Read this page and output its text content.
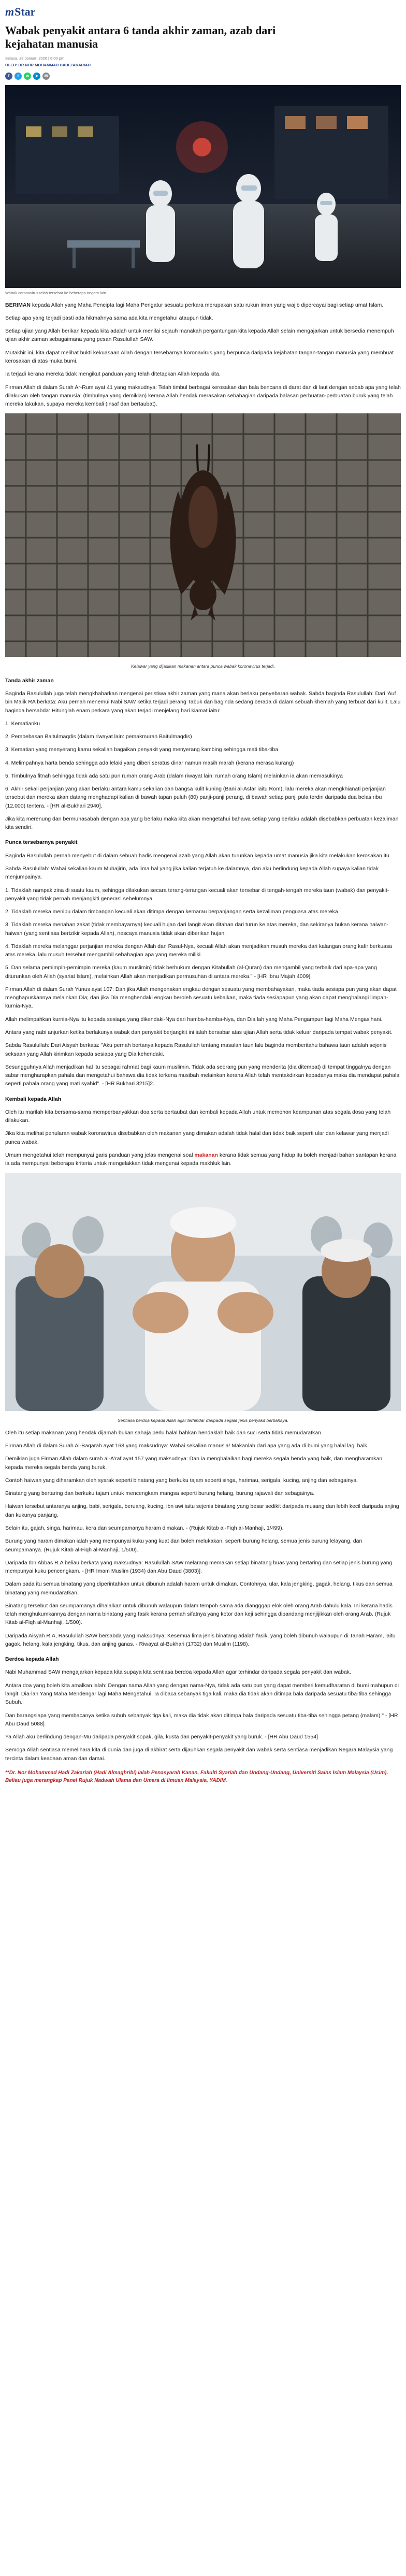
m Star
Wabak penyakit antara 6 tanda akhir zaman, azab dari kejahatan manusia
Selasa, 28 Januari 2020 | 6:00 pm
OLEH: DR NOR MOHAMMAD HADI ZAKARIAH
f	t	w	➤	✉
Wabak coronavirus telah tersebar ke beberapa negara lain.

BERIMAN kepada Allah yang Maha Pencipta lagi Maha Pengatur sesuatu perkara merupakan satu rukun iman yang wajib dipercayai bagi setiap umat Islam.

Setiap apa yang terjadi pasti ada hikmahnya sama ada kita mengetahui ataupun tidak.

Setiap ujian yang Allah berikan kepada kita adalah untuk menilai sejauh manakah pergantungan kita kepada Allah selain mengajarkan untuk bersedia menempuh ujian akhir zaman sebagaimana yang pesan Rasulullah SAW.

Mutakhir ini, kita dapat melihat bukti kekuasaan Allah dengan tersebarnya koronavirus yang berpunca daripada kejahatan tangan-tangan manusia yang membuat kerosakan di atas muka bumi.

Ia terjadi kerana mereka tidak mengikut panduan yang telah ditetapkan Allah kepada kita.

Firman Allah di dalam Surah Ar-Rum ayat 41 yang maksudnya: Telah timbul berbagai kerosakan dan bala bencana di darat dan di laut dengan sebab apa yang telah dilakukan oleh tangan manusia; (timbulnya yang demikian) kerana Allah hendak merasakan sebahagian daripada balasan perbuatan-perbuatan buruk yang telah mereka lakukan, supaya mereka kembali (insaf dan bertaubat).

Kelawar yang dijadikan makanan antara punca wabak koronavirus terjadi.
Tanda akhir zaman

Baginda Rasulullah juga telah mengkhabarkan mengenai peristiwa akhir zaman yang mana akan berlaku penyebaran wabak. Sabda baginda Rasulullah: Dari 'Auf bin Malik RA berkata: Aku pernah menemui Nabi SAW ketika terjadi perang Tabuk dan baginda sedang berada di dalam sebuah khemah yang terbuat dari kulit. Lalu baginda bersabda: Hitunglah enam perkara yang akan terjadi menjelang hari kiamat iaitu:

1. Kematianku

2. Pembebasan Baitulmaqdis (dalam riwayat lain: pemakmuran Baitulmaqdis)

3. Kematian yang menyerang kamu sekalian bagaikan penyakit yang menyerang kambing sehingga mati tiba-tiba

4. Melimpahnya harta benda sehingga ada lelaki yang diberi seratus dinar namun masih marah (kerana merasa kurang)

5. Timbulnya fitnah sehingga tidak ada satu pun rumah orang Arab (dalam riwayat lain: rumah orang Islam) melainkan ia akan memasukinya

6. Akhir sekali perjanjian yang akan berlaku antara kamu sekalian dan bangsa kulit kuning (Bani al-Asfar iaitu Rom), lalu mereka akan mengkhianati perjanjian tersebut dan mereka akan datang menghadapi kalian di bawah tapan puluh (80) panji-panji perang, di bawah setiap panji pula terdiri daripada dua belas ribu (12,000) tentera. - [HR al-Bukhari 2940].

Jika kita merenung dan bermuhasabah dengan apa yang berlaku maka kita akan mengetahui bahawa setiap yang berlaku adalah disebabkan perbuatan kezaliman kita sendiri.

Punca tersebarnya penyakit

Baginda Rasulullah pernah menyebut di dalam sebuah hadis mengenai azab yang Allah akan turunkan kepada umat manusia jika kita melakukan kerosakan itu.

Sabda Rasulullah: Wahai sekalian kaum Muhajirin, ada lima hal yang jika kalian terjatuh ke dalamnya, dan aku berlindung kepada Allah supaya kalian tidak menjumpainya.

1. Tidaklah nampak zina di suatu kaum, sehingga dilakukan secara terang-terangan kecuali akan tersebar di tengah-tengah mereka taun (wabak) dan penyakit-penyakit yang tidak pernah menjangkiti generasi sebelumnya.

2. Tidaklah mereka menipu dalam timbangan kecuali akan ditimpa dengan kemarau berpanjangan serta kezaliman penguasa atas mereka.

3. Tidaklah mereka menahan zakat (tidak membayarnya) kecuali hujan dari langit akan ditahan dari turun ke atas mereka, dan sekiranya bukan kerana haiwan-haiwan (yang sentiasa bertzikir kepada Allah), nescaya manusia tidak akan diberikan hujan.

4. Tidaklah mereka melanggar perjanjian mereka dengan Allah dan Rasul-Nya, kecuali Allah akan menjadikan musuh mereka dari kalangan orang kafir berkuasa atas mereka, lalu musuh tersebut mengambil sebahagian apa yang mereka miliki.

5. Dan selama pemimpin-pemimpin mereka (kaum muslimin) tidak berhukum dengan Kitabullah (al-Quran) dan mengambil yang terbaik dari apa-apa yang diturunkan oleh Allah (syariat Islam), melainkan Allah akan menjadikan permusuhan di antara mereka." - [HR Ibnu Majah 4009].

Firman Allah di dalam Surah Yunus ayat 107: Dan jika Allah mengenakan engkau dengan sesuatu yang membahayakan, maka tiada sesiapa pun yang akan dapat menghapuskannya melainkan Dia; dan jika Dia menghendaki engkau beroleh sesuatu kebaikan, maka tiada sesiapapun yang akan dapat menghalangi limpah-kurnia-Nya.

Allah melimpahkan kurnia-Nya itu kepada sesiapa yang dikendaki-Nya dari hamba-hamba-Nya, dan Dia lah yang Maha Pengampun lagi Maha Mengasihani.

Antara yang nabi anjurkan ketika berlakunya wabak dan penyakit berjangkit ini ialah bersabar atas ujian Allah serta tidak keluar daripada tempat wabak penyakit.

Sabda Rasulullah: Dari Aisyah berkata: "Aku pernah bertanya kepada Rasulullah tentang masalah taun lalu baginda memberitahu bahawa taun adalah sejenis seksaan yang Allah kirimkan kepada sesiapa yang Dia kehendaki.

Sesungguhnya Allah menjadikan hal itu sebagai rahmat bagi kaum muslimin. Tidak ada seorang pun yang menderita (dia ditempat) di tempat tinggalnya dengan sabar mengharapkan pahala dan mengetahui bahawa dia tidak terkena musibah melainkan kerana Allah telah mentakdirkan kepadanya maka dia mendapat pahala seperti pahala orang yang mati syahid". - [HR Bukhari 3215]2.

Kembali kepada Allah

Oleh itu marilah kita bersama-sama memperbanyakkan doa serta bertaubat dan kembali kepada Allah untuk memohon keampunan atas segala dosa yang telah dilakukan.

Jika kita melihat penularan wabak koronavirus disebabkan oleh makanan yang dimakan adalah tidak halal dan tidak baik seperti ular dan kelawar yang menjadi punca wabak.

Umum mengetahui telah mempunyai garis panduan yang jelas mengenai soal makanan kerana tidak semua yang hidup itu boleh menjadi bahan santapan kerana ia ada mempunyai beberapa kriteria untuk mengelakkan tidak mengenai kepada makhluk lain.

Sentiasa berdoa kepada Allah agar terhindar daripada segala jenis penyakit berbahaya.

Oleh itu setiap makanan yang hendak dijamah bukan sahaja perlu halal bahkan hendaklah baik dan suci serta tidak memudaratkan.

Firman Allah di dalam Surah Al-Baqarah ayat 168 yang maksudnya: Wahai sekalian manusia! Makanlah dari apa yang ada di bumi yang halal lagi baik.

Demikian juga Firman Allah dalam surah al-A'raf ayat 157 yang maksudnya: Dan ia menghalalkan bagi mereka segala benda yang baik, dan mengharamkan kepada mereka segala benda yang buruk.

Contoh haiwan yang diharamkan oleh syarak seperti binatang yang berkuku tajam seperti singa, harimau, serigala, kucing, anjing dan sebagainya.

Binatang yang bertaring dan berkuku tajam untuk mencengkam mangsa seperti burung helang, burung rajawali dan sebagainya.

Haiwan tersebut antaranya anjing, babi, serigala, beruang, kucing, ibn awi iaitu sejenis binatang yang besar sedikit daripada musang dan lebih kecil daripada anjing dan kukunya panjang.

Selain itu, gajah, singa, harimau, kera dan seumpamanya haram dimakan. - (Rujuk Kitab al-Fiqh al-Manhaji, 1/499).

Burung yang haram dimakan ialah yang mempunyai kuku yang kuat dan boleh melukakan, seperti burung helang, semua jenis burung lelayang, dan seumpamanya. (Rujuk Kitab al-Fiqh al-Manhaji, 1/500).

Daripada Ibn Abbas R.A beliau berkata yang maksudnya: Rasulullah SAW melarang memakan setiap binatang buas yang bertaring dan setiap jenis burung yang mempunyai kuku pencengkam. - [HR Imam Muslim (1934) dan Abu Daud (3803)].

Dalam pada itu semua binatang yang diperintahkan untuk dibunuh adalah haram untuk dimakan. Contohnya, ular, kala jengking, gagak, helang, tikus dan semua binatang yang memudaratkan.

Binatang tersebut dan seumpamanya dihalalkan untuk dibunuh walaupun dalam tempoh sama ada diangggap elok oleh orang Arab dahulu kala. Ini kerana hadis telah menghukumkannya dengan nama binatang yang fasik kerana pernah sifatnya yang kotor dan keji sehingga dipandang menjijikkan oleh orang Arab. (Rujuk Kitab al-Fiqh al-Manhaji, 1/500).

Daripada Aisyah R.A, Rasulullah SAW bersabda yang maksudnya: Kesemua lima jenis binatang adalah fasik, yang boleh dibunuh walaupun di Tanah Haram, iaitu gagak, helang, kala jengking, tikus, dan anjing ganas. - Riwayat al-Bukhari (1732) dan Muslim (1198).

Berdoa kepada Allah

Nabi Muhammad SAW mengajarkan kepada kita supaya kita sentiasa berdoa kepada Allah agar terhindar daripada segala penyakit dan wabak.

Antara doa yang boleh kita amalkan ialah: Dengan nama Allah yang dengan nama-Nya, tidak ada satu pun yang dapat memberi kemudharatan di bumi mahupun di langit. Dia-lah Yang Maha Mendengar lagi Maha Mengetahui. Ia dibaca sebanyak tiga kali, maka dia tidak akan ditimpa bala daripada sesuatu tiba-tiba sehingga Subuh.

Dan barangsiapa yang membacanya ketika subuh sebanyak tiga kali, maka dia tidak akan ditimpa bala daripada sesuatu tiba-tiba sehingga petang (malam)." - [HR Abu Daud 5088]

Ya Allah aku berlindung dengan-Mu daripada penyakit sopak, gila, kusta dan penyakit-penyakit yang buruk. - [HR Abu Daud 1554]

Semoga Allah sentiasa memelihara kita di dunia dan juga di akhirat serta dijauhkan segala penyakit dan wabak serta sentiasa menjadikan Negara Malaysia yang tercinta dalam keadaan aman dan damai.

**Dr. Nor Mohammad Hadi Zakariah (Hadi Almaghribi) ialah Penasyarah Kanan, Fakulti Syariah dan Undang-Undang, Universiti Sains Islam Malaysia (Usim). Beliau juga merangkap Panel Rujuk Nadwah Ulama dan Umara di Iimuan Malaysia, YADIM.
